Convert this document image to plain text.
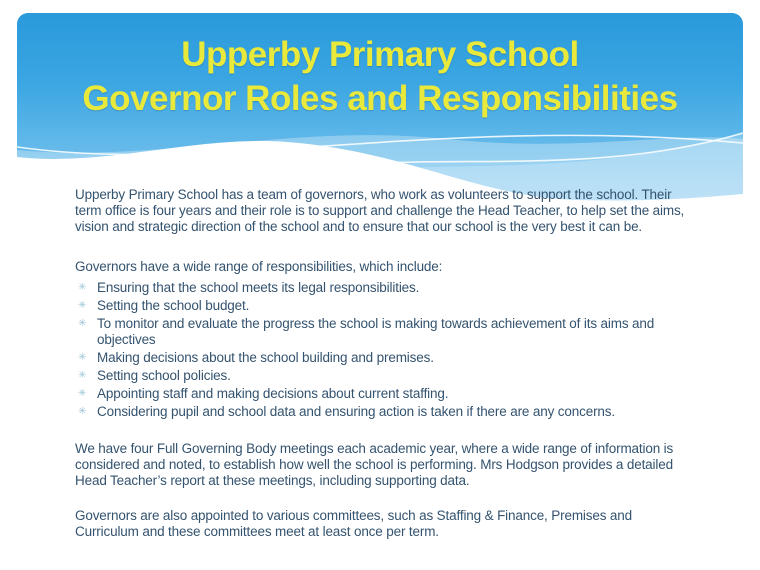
Upperby Primary School
Governor Roles and Responsibilities

Upperby Primary School has a team of governors, who work as volunteers to support the school. Their term office is four years and their role is to support and challenge the Head Teacher, to help set the aims, vision and strategic direction of the school and to ensure that our school is the very best it can be.

Governors have a wide range of responsibilities, which include:

✳ Ensuring that the school meets its legal responsibilities.
✳ Setting the school budget.
✳ To monitor and evaluate the progress the school is making towards achievement of its aims and objectives
✳ Making decisions about the school building and premises.
✳ Setting school policies.
✳ Appointing staff and making decisions about current staffing.
✳ Considering pupil and school data and ensuring action is taken if there are any concerns.

We have four Full Governing Body meetings each academic year, where a wide range of information is considered and noted, to establish how well the school is performing. Mrs Hodgson provides a detailed Head Teacher’s report at these meetings, including supporting data.

Governors are also appointed to various committees, such as Staffing & Finance, Premises and Curriculum and these committees meet at least once per term.
